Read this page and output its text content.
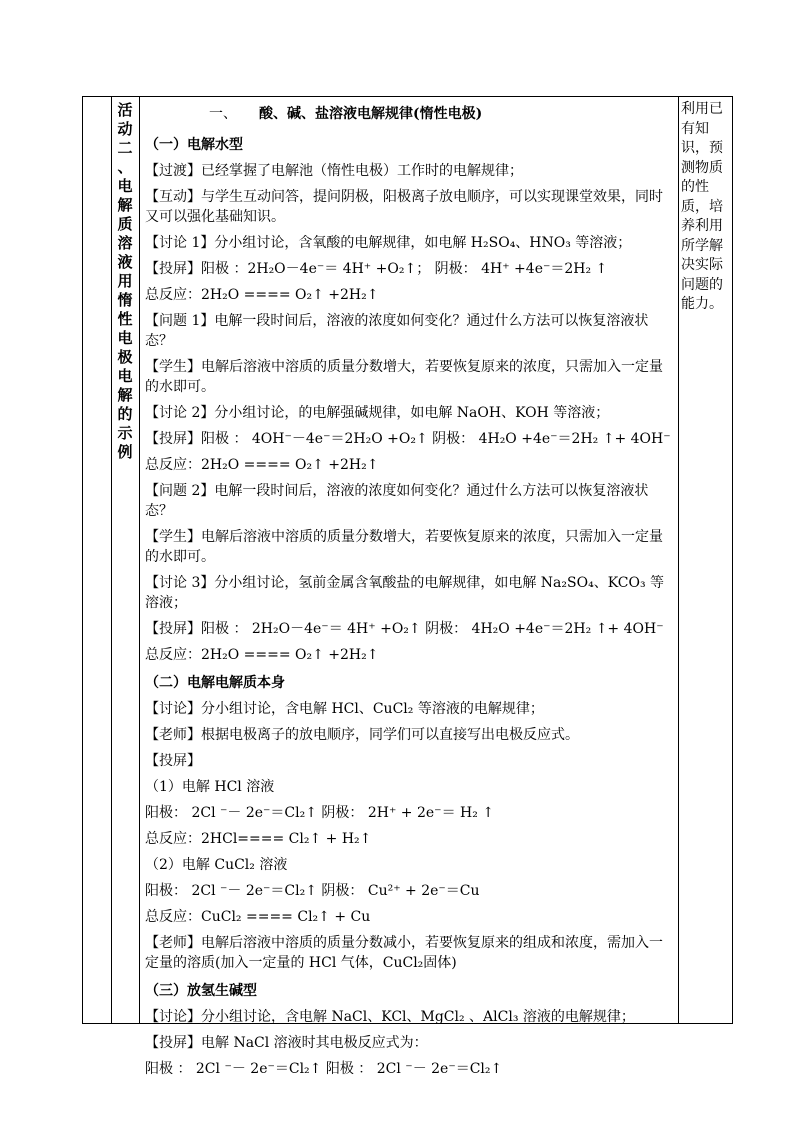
活
动
二
、
电
解
质
溶
液
用
惰
性
电
极
电
解
的
示
例
一、 酸、碱、盐溶液电解规律(惰性电极)
（一）电解水型
【过渡】已经掌握了电解池（惰性电极）工作时的电解规律；
【互动】与学生互动问答，提问阴极，阳极离子放电顺序，可以实现课堂效果，同时又可以强化基础知识。
【讨论 1】分小组讨论，含氧酸的电解规律，如电解 H₂SO₄、HNO₃ 等溶液；
【投屏】阳极 ：2H₂O－4e⁻＝ 4H⁺ +O₂↑； 阴极： 4H⁺ +4e⁻＝2H₂ ↑
总反应：2H₂O ==== O₂↑ +2H₂↑
【问题 1】电解一段时间后，溶液的浓度如何变化？通过什么方法可以恢复溶液状态？
【学生】电解后溶液中溶质的质量分数增大，若要恢复原来的浓度，只需加入一定量的水即可。
【讨论 2】分小组讨论，的电解强碱规律，如电解 NaOH、KOH 等溶液；
【投屏】阳极 ： 4OH⁻－4e⁻＝2H₂O +O₂↑ 阴极： 4H₂O +4e⁻＝2H₂ ↑+ 4OH⁻
总反应：2H₂O ==== O₂↑ +2H₂↑
【问题 2】电解一段时间后，溶液的浓度如何变化？通过什么方法可以恢复溶液状态？
【学生】电解后溶液中溶质的质量分数增大，若要恢复原来的浓度，只需加入一定量的水即可。
【讨论 3】分小组讨论，氢前金属含氧酸盐的电解规律，如电解 Na₂SO₄、KCO₃ 等溶液；
【投屏】阳极 ： 2H₂O－4e⁻＝ 4H⁺ +O₂↑ 阴极： 4H₂O +4e⁻＝2H₂ ↑+ 4OH⁻
总反应：2H₂O ==== O₂↑ +2H₂↑
（二）电解电解质本身
【讨论】分小组讨论，含电解 HCl、CuCl₂ 等溶液的电解规律；
【老师】根据电极离子的放电顺序，同学们可以直接写出电极反应式。
【投屏】
（1）电解 HCl 溶液
阳极： 2Cl ⁻－ 2e⁻＝Cl₂↑ 阴极： 2H⁺ + 2e⁻＝ H₂ ↑
总反应：2HCl==== Cl₂↑ + H₂↑
（2）电解 CuCl₂ 溶液
阳极： 2Cl ⁻－ 2e⁻＝Cl₂↑ 阴极： Cu²⁺ + 2e⁻＝Cu
总反应：CuCl₂ ==== Cl₂↑ + Cu
【老师】电解后溶液中溶质的质量分数减小，若要恢复原来的组成和浓度，需加入一定量的溶质(加入一定量的 HCl 气体，CuCl₂固体)
（三）放氢生碱型
【讨论】分小组讨论，含电解 NaCl、KCl、MgCl₂ 、AlCl₃ 溶液的电解规律；
【投屏】电解 NaCl 溶液时其电极反应式为：
阳极 ： 2Cl ⁻－ 2e⁻＝Cl₂↑ 阳极 ： 2Cl ⁻－ 2e⁻＝Cl₂↑
利用已有知识，预测物质的性质，培养利用所学解决实际问题的能力。
